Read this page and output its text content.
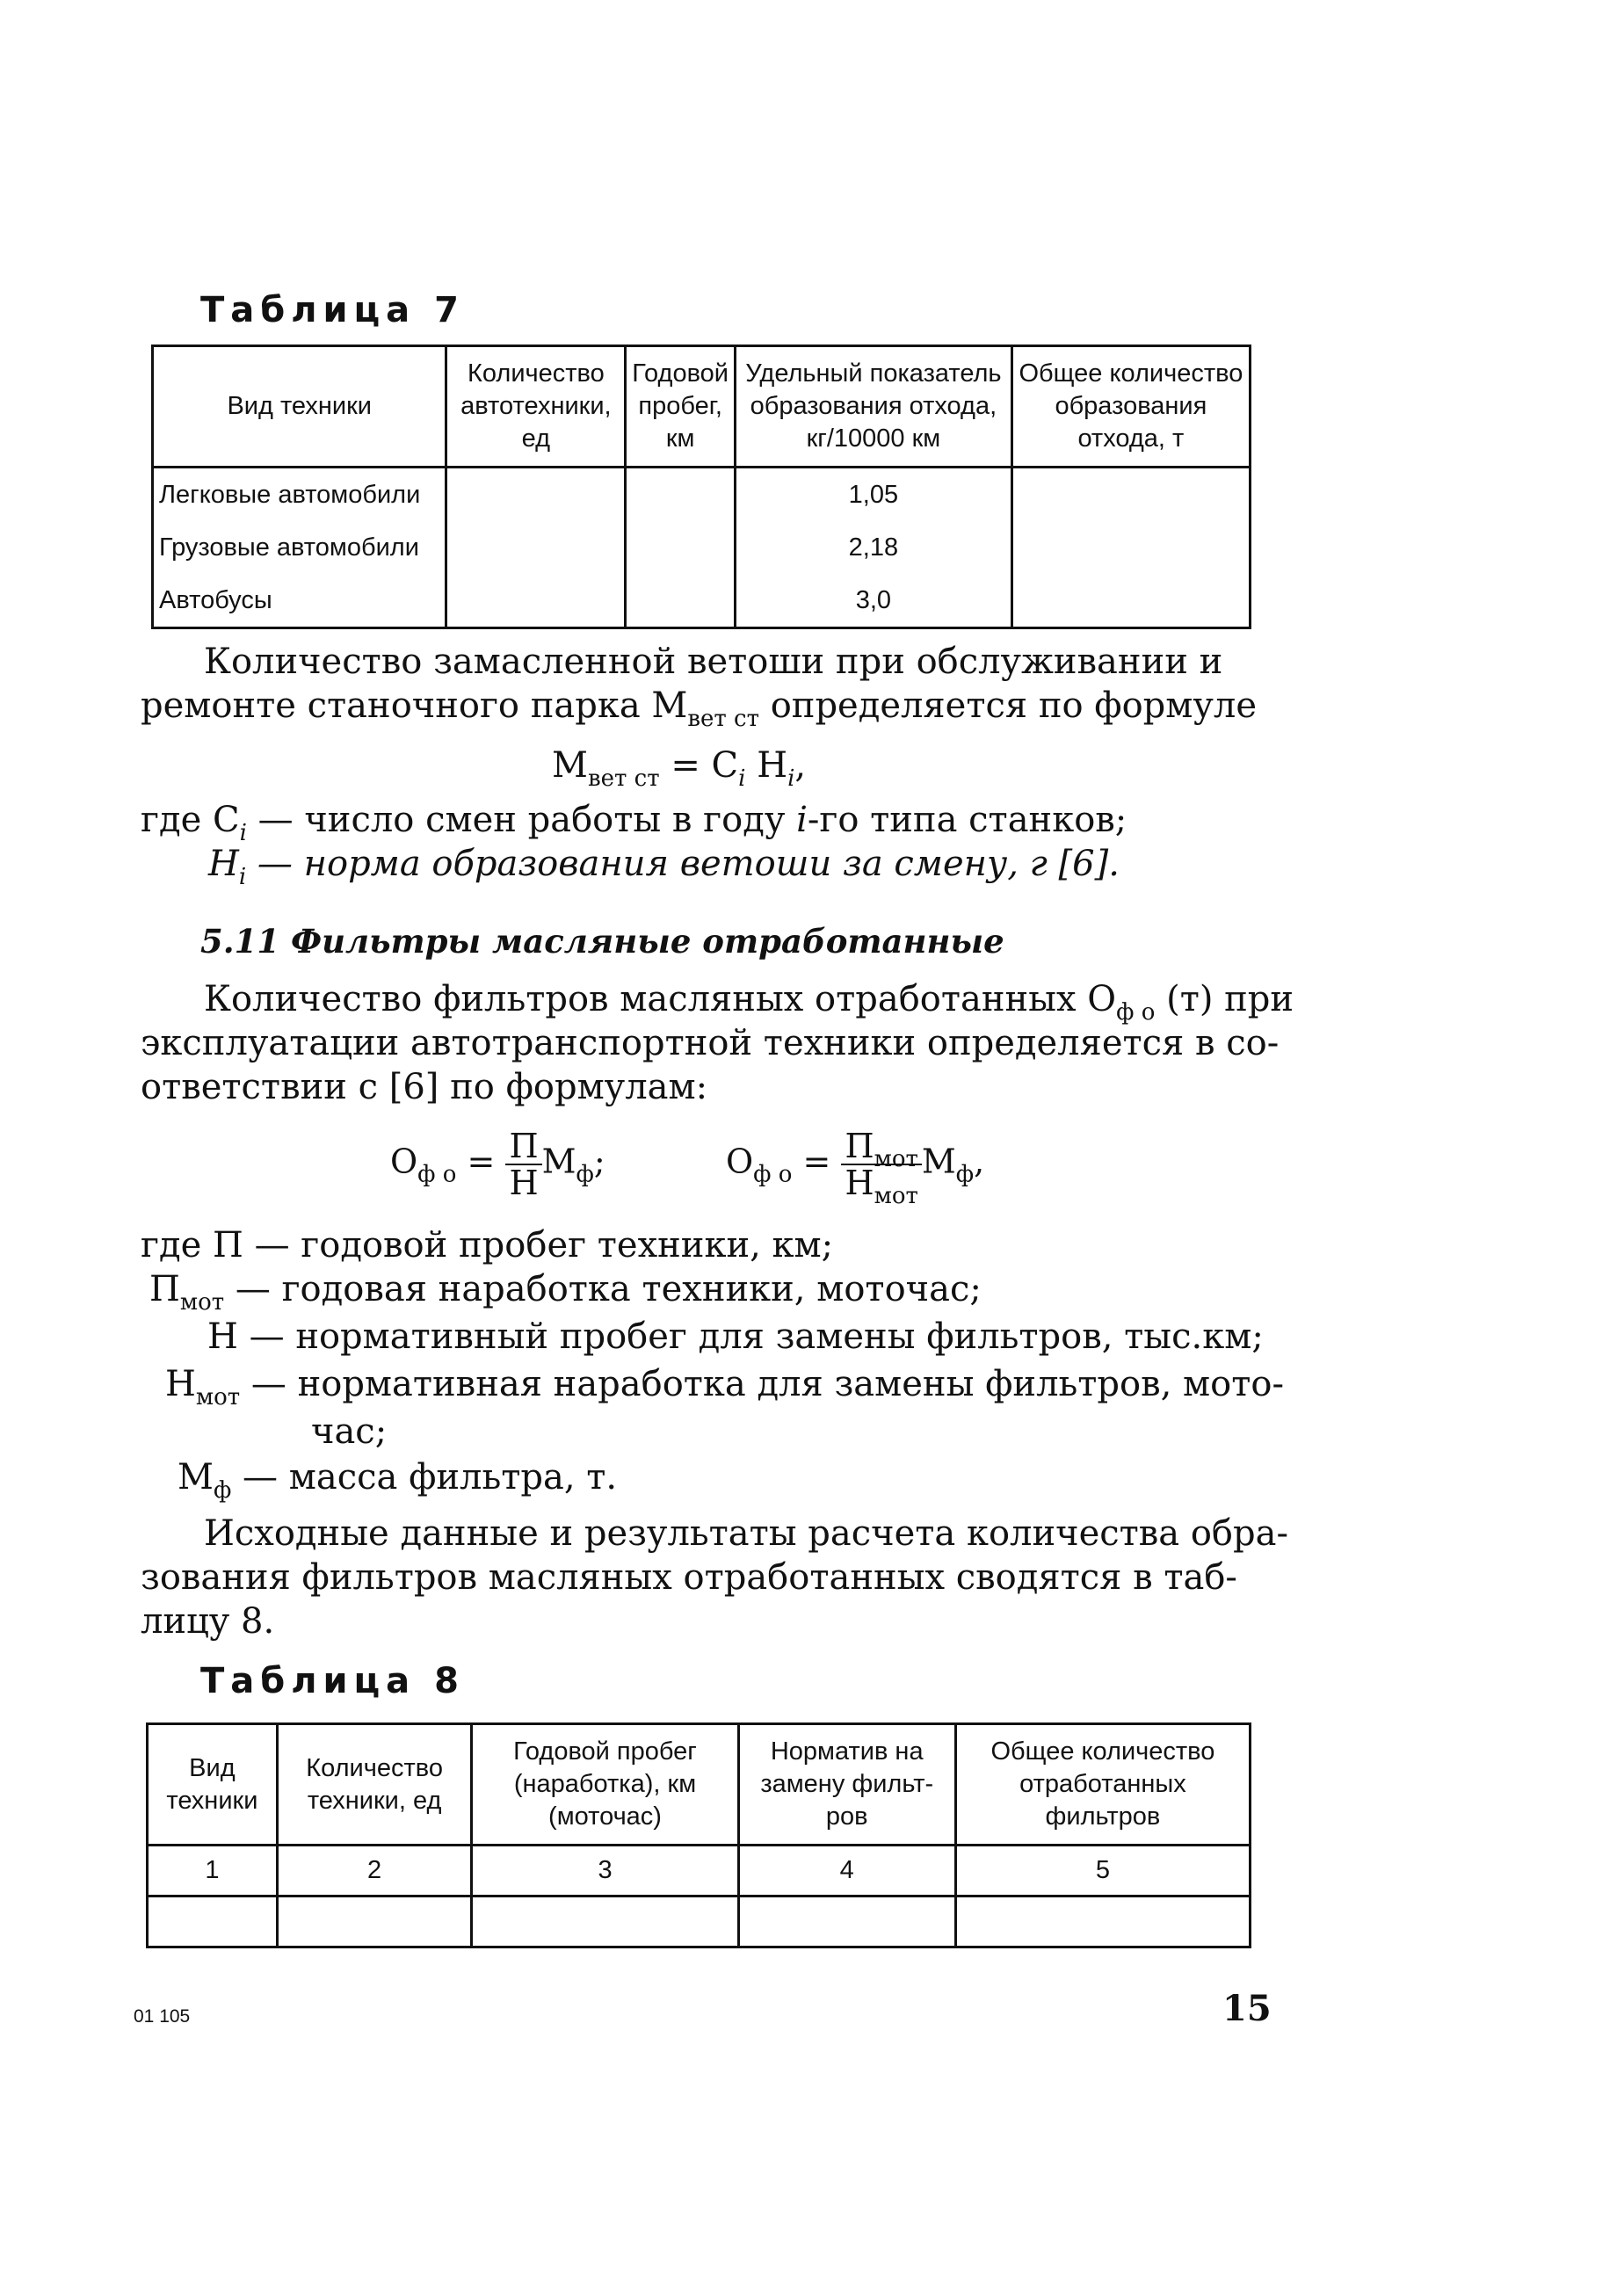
Таблица 7
Вид техники	Количество автотехники, ед	Годовой пробег, км	Удельный показатель образования отхода, кг/10000 км	Общее количество образования отхода, т
Легковые автомобили			1,05	
Грузовые автомобили			2,18	
Автобусы			3,0	
Количество замасленной ветоши при обслуживании и
ремонте станочного парка $М_{вет ст}$ определяется по формуле
$М_{вет ст} = С_i$ $Н_i$,
где $С_i$ — число смен работы в году i-го типа станков;
$Н_i$ — норма образования ветоши за смену, г [6].
5.11 Фильтры масляные отработанные
Количество фильтров масляных отработанных $О_{ф о}$ (т) при
эксплуатации автотранспортной техники определяется в со-
ответствии с [6] по формулам:
$О_{ф о} = \frac{П}{Н} М_ф$;	$О_{ф о} = \frac{П_{мот}}{Н_{мот}} М_ф$,
где П — годовой пробег техники, км;
$П_{мот}$ — годовая наработка техники, моточас;
Н — нормативный пробег для замены фильтров, тыс.км;
$Н_{мот}$ — нормативная наработка для замены фильтров, мото-
час;
$М_ф$ — масса фильтра, т.
Исходные данные и результаты расчета количества обра-
зования фильтров масляных отработанных сводятся в таб-
лицу 8.
Таблица 8
Вид техники	Количество техники, ед	Годовой пробег (наработка), км (моточас)	Норматив на замену фильт-ров	Общее количество отработанных фильтров
1	2	3	4	5

01 105	15
